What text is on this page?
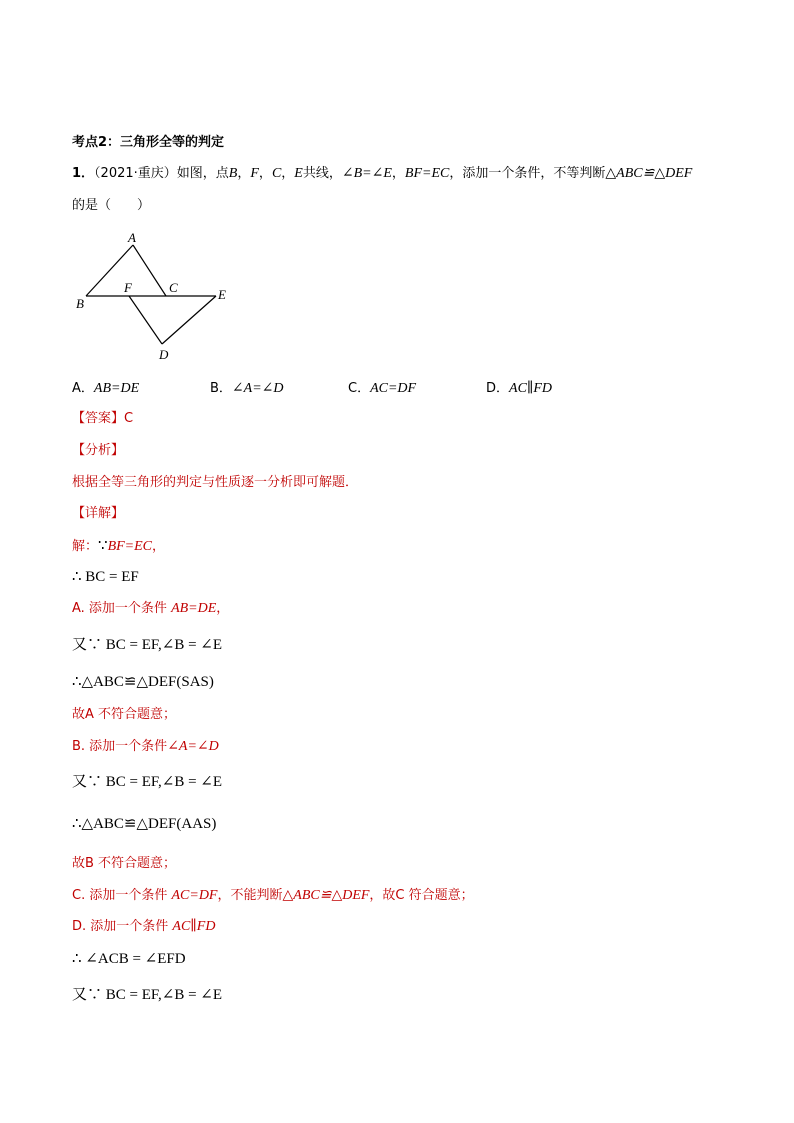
考点2：三角形全等的判定
1．（2021·重庆）如图，点B，F，C，E共线，∠B=∠E，BF=EC，添加一个条件，不等判断△ABC≌△DEF
的是（　　）
A
B
F	C	E
D
A．AB=DE	B．∠A=∠D	C．AC=DF	D．AC∥FD
【答案】C
【分析】
根据全等三角形的判定与性质逐一分析即可解题．
【详解】
解：∵BF=EC，
∴ BC = EF
A. 添加一个条件 AB=DE，
又∵ BC = EF,∠B = ∠E
∴△ABC≌△DEF(SAS)
故A 不符合题意；
B. 添加一个条件∠A=∠D
又∵ BC = EF,∠B = ∠E
∴△ABC≌△DEF(AAS)
故B 不符合题意；
C. 添加一个条件 AC=DF，不能判断△ABC≌△DEF，故C 符合题意；
D. 添加一个条件 AC∥FD
∴ ∠ACB = ∠EFD
又∵ BC = EF,∠B = ∠E
